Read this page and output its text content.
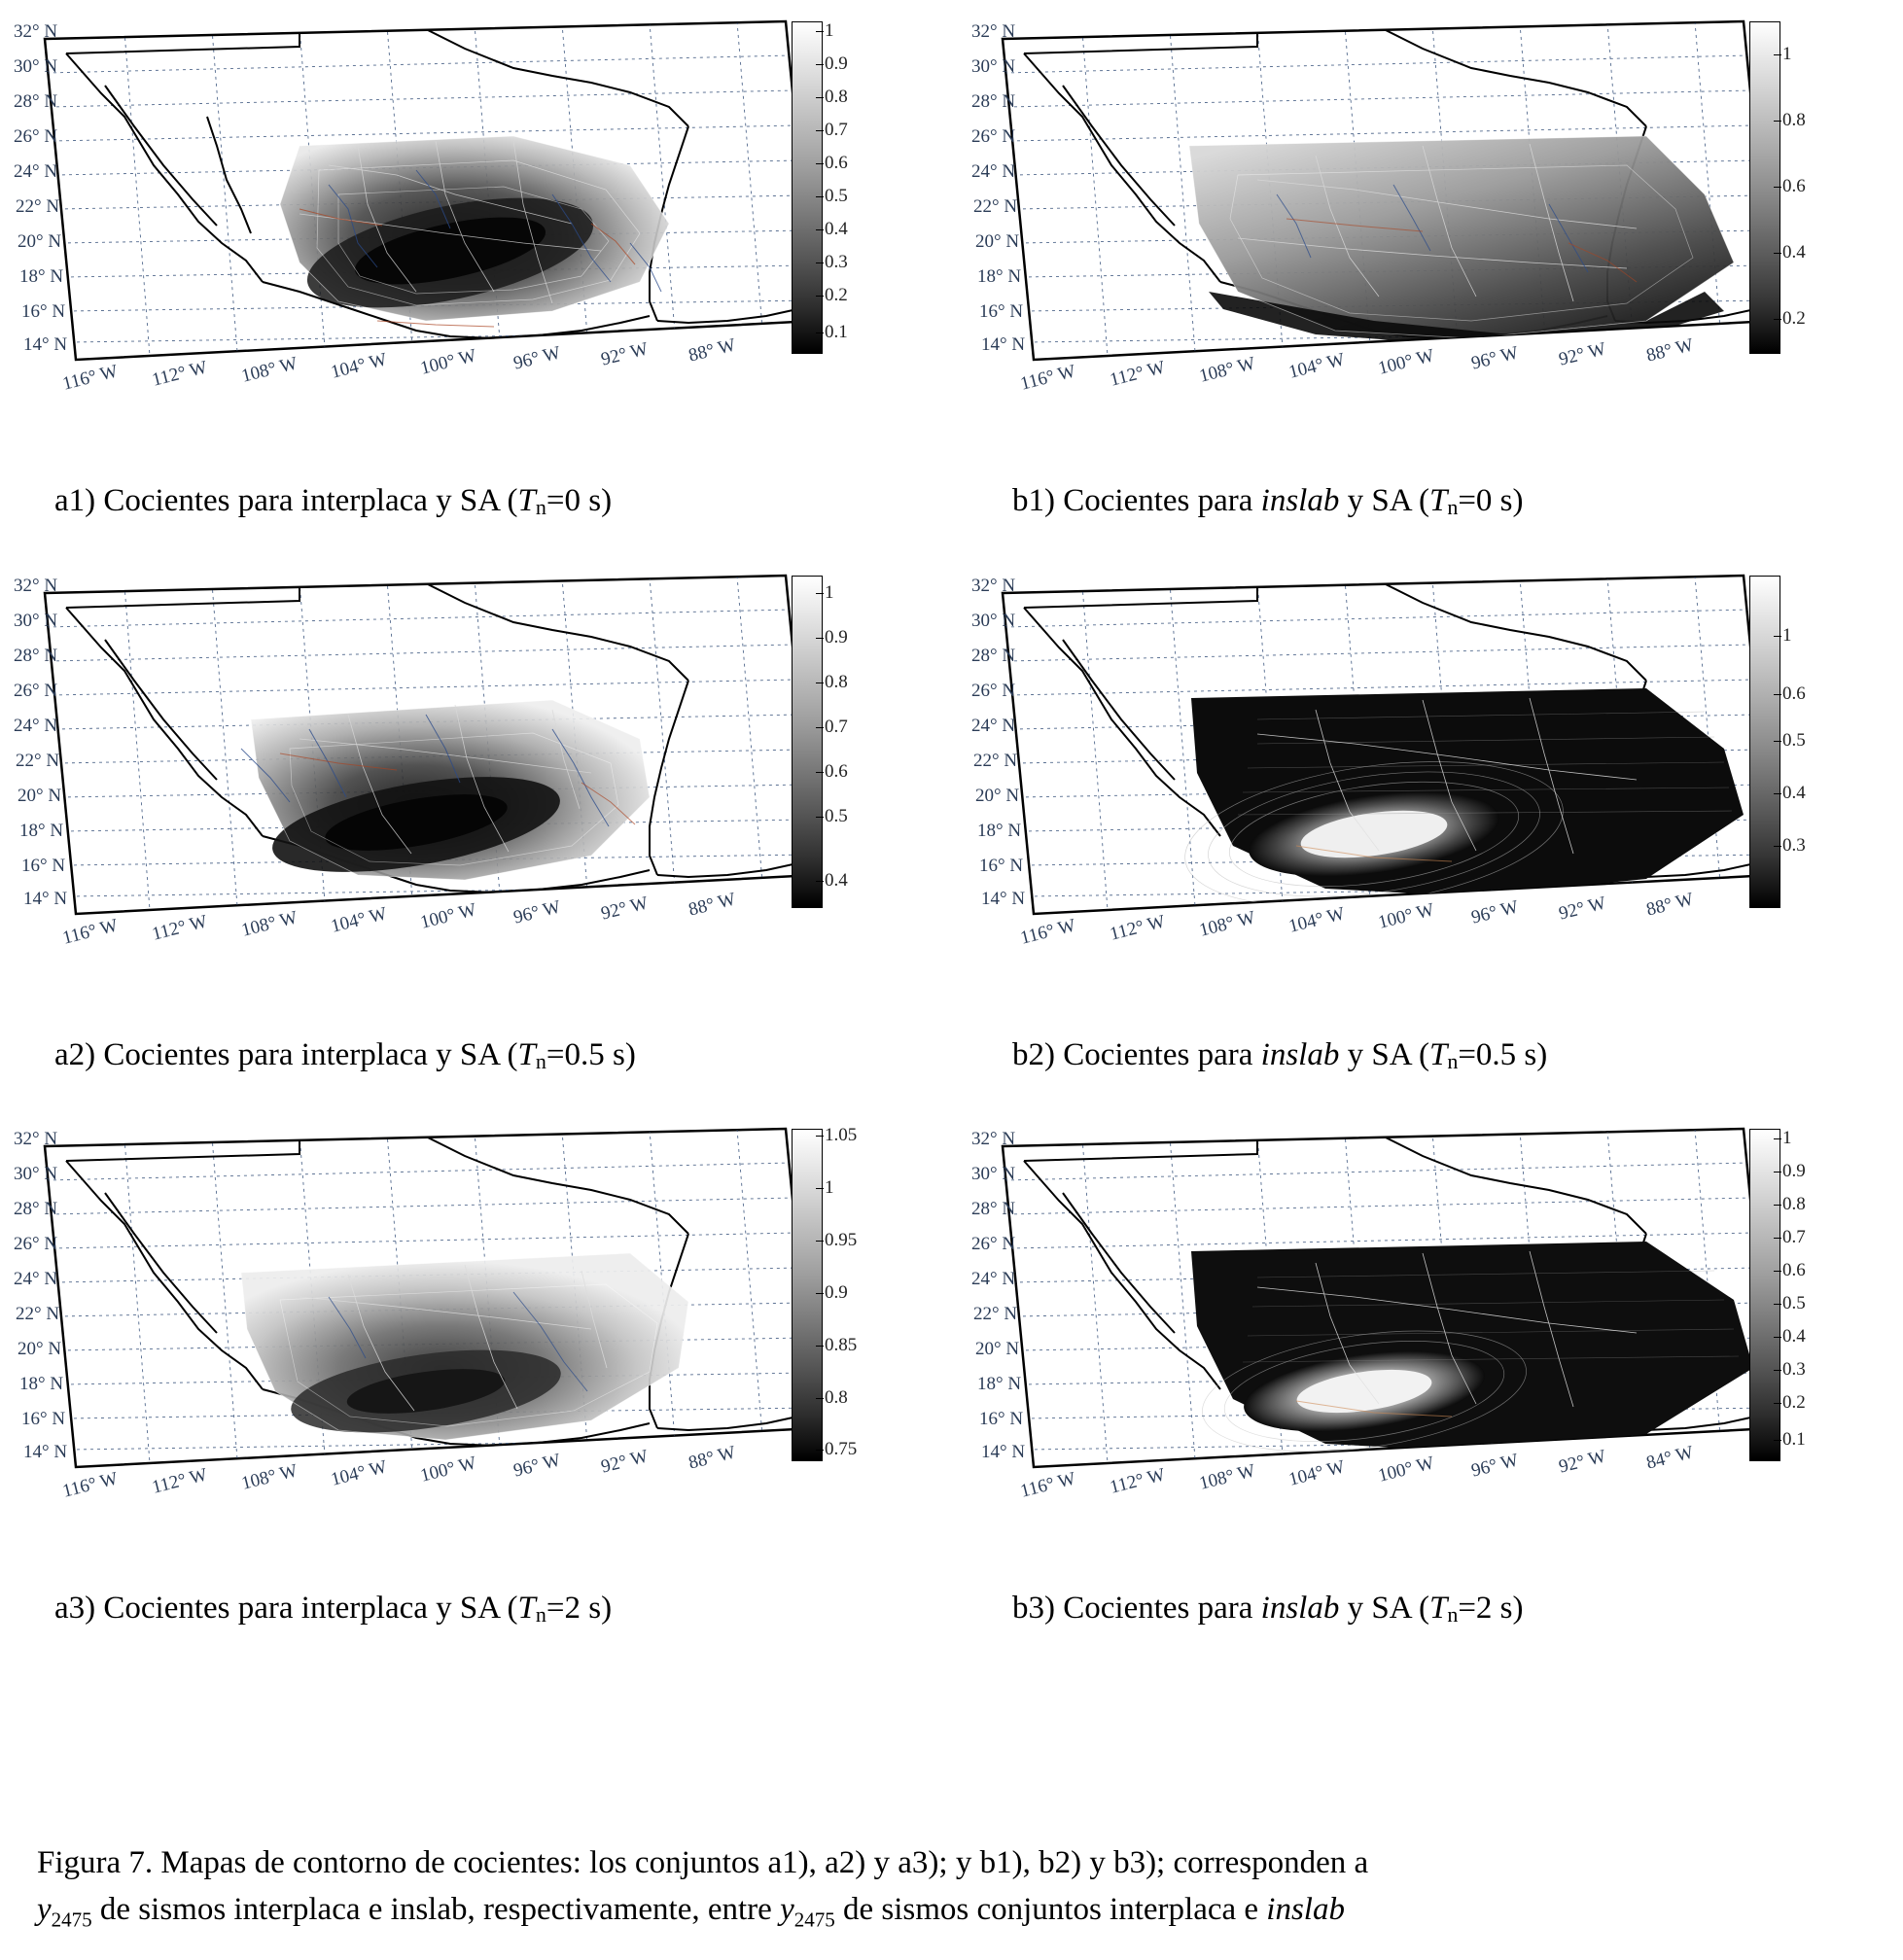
32° N
30° N
28° N
26° N
24° N
22° N
20° N
18° N
16° N
14° N
116° W 112° W 108° W 104° W 100° W 96° W 92° W 88° W
1
0.9
0.8
0.7
0.6
0.5
0.4
0.3
0.2
0.1
a1) Cocientes para interplaca y SA (Tn=0 s)
32° N
30° N
28° N
26° N
24° N
22° N
20° N
18° N
16° N
14° N
116° W 112° W 108° W 104° W 100° W 96° W 92° W 88° W
1
0.8
0.6
0.4
0.2
b1) Cocientes para inslab y SA (Tn=0 s)
32° N
30° N
28° N
26° N
24° N
22° N
20° N
18° N
16° N
14° N
116° W 112° W 108° W 104° W 100° W 96° W 92° W 88° W
1
0.9
0.8
0.7
0.6
0.5
0.4
a2) Cocientes para interplaca y SA (Tn=0.5 s)
32° N
30° N
28° N
26° N
24° N
22° N
20° N
18° N
16° N
14° N
116° W 112° W 108° W 104° W 100° W 96° W 92° W 88° W
1
0.6
0.5
0.4
0.3
b2) Cocientes para inslab y SA (Tn=0.5 s)
32° N
30° N
28° N
26° N
24° N
22° N
20° N
18° N
16° N
14° N
116° W 112° W 108° W 104° W 100° W 96° W 92° W 88° W
1.05
1
0.95
0.9
0.85
0.8
0.75
a3) Cocientes para interplaca y SA (Tn=2 s)
32° N
30° N
28° N
26° N
24° N
22° N
20° N
18° N
16° N
14° N
116° W 112° W 108° W 104° W 100° W 96° W 92° W 84° W
1
0.9
0.8
0.7
0.6
0.5
0.4
0.3
0.2
0.1
b3) Cocientes para inslab y SA (Tn=2 s)
Figura 7. Mapas de contorno de cocientes: los conjuntos a1), a2) y a3); y b1), b2) y b3); corresponden a
$y_{2475}$ de sismos interplaca e inslab, respectivamente, entre $y_{2475}$ de sismos conjuntos interplaca e inslab
